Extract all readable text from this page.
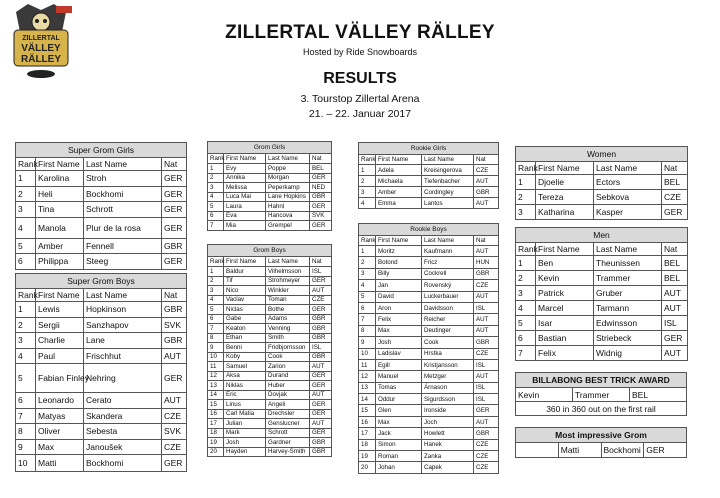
ZILLERTAL
VÄLLEY
RÄLLEY
ZILLERTAL VÄLLEY RÄLLEY
Hosted by Ride Snowboards
RESULTS
3. Tourstop Zillertal Arena
21. – 22. Januar 2017
Super Grom Girls			
Rank	First Name	Last Name	Nat
1	Karolina	Stroh	GER
2	Heli	Bockhomi	GER
3	Tina	Schrott	GER
4	Manola	Plur de la rosa	GER
5	Amber	Fennell	GBR
6	Philippa	Steeg	GER
Super Grom Boys			
Rank	First Name	Last Name	Nat
1	Lewis	Hopkinson	GBR
2	Sergii	Sanzhapov	SVK
3	Charlie	Lane	GBR
4	Paul	Frischhut	AUT
5	Fabian Finley	Nehring	GER
6	Leonardo	Cerato	AUT
7	Matyas	Skandera	CZE
8	Oliver	Sebesta	SVK
9	Max	Janoušek	CZE
10	Matti	Bockhomi	GER
Grom Girls			
Rank	First Name	Last Name	Nat
1	Evy	Poppe	BEL
2	Annika	Morgan	GER
3	Melissa	Peperkamp	NED
4	Luca Mai	Lane Hopkins	GBR
5	Laura	Hahnl	GER
6	Eva	Hancova	SVK
7	Mia	Grempel	GER
Grom Boys			
Rank	First Name	Last Name	Nat
1	Baldur	Vilhelmsson	ISL
2	Tif	Strohmeyer	GER
3	Nico	Winkler	AUT
4	Vaclav	Toman	CZE
5	Niclas	Bothe	GER
6	Gabe	Adams	GBR
7	Keaton	Venning	GBR
8	Ethan	Smith	GBR
9	Benni	Fridbjornsson	ISL
10	Koby	Cook	GBR
11	Samuel	Zarion	AUT
12	Aksa	Durand	GER
13	Niklas	Huber	GER
14	Eric	Dovjak	AUT
15	Linus	Angeli	GER
16	Carl Matia	Drechsler	GER
17	Julian	Genslucner	AUT
18	Mark	Schrott	GER
19	Josh	Gardner	GBR
20	Hayden	Harvey-Smith	GBR
Rookie Girls			
Rank	First Name	Last Name	Nat
1	Adela	Kreisingerova	CZE
2	Michaela	Tiefenbacher	AUT
3	Amber	Cordingley	GBR
4	Emma	Lantos	AUT
Rookie Boys			
Rank	First Name	Last Name	Nat
1	Moritz	Kaufmann	AUT
2	Botond	Fricz	HUN
3	Billy	Cockrell	GBR
4	Jan	Rovenský	CZE
5	David	Luckerbauer	AUT
6	Aron	Davidsson	ISL
7	Felix	Reicher	AUT
8	Max	Deutinger	AUT
9	Josh	Cook	GBR
10	Ladislav	Hrstka	CZE
11	Egill	Kristjansson	ISL
12	Manuel	Metzger	AUT
13	Tomas	Árnason	ISL
14	Oddur	Sigurdsson	ISL
15	Glen	Ironside	GER
16	Max	Joch	AUT
17	Jack	Howlett	GBR
18	Simon	Hanek	CZE
19	Roman	Zanka	CZE
20	Johan	Capek	CZE
Women			
Rank	First Name	Last Name	Nat
1	Djoelie	Ectors	BEL
2	Tereza	Sebkova	CZE
3	Katharina	Kasper	GER
Men			
Rank	First Name	Last Name	Nat
1	Ben	Theunissen	BEL
2	Kevin	Trammer	BEL
3	Patrick	Gruber	AUT
4	Marcel	Tarmann	AUT
5	Isar	Edwinsson	ISL
6	Bastian	Striebeck	GER
7	Felix	Widnig	AUT
BILLABONG BEST TRICK AWARD
Kevin	Trammer	BEL
360 in 360 out on the first rail
Most impressive Grom
	Matti	Bockhomi	GER
